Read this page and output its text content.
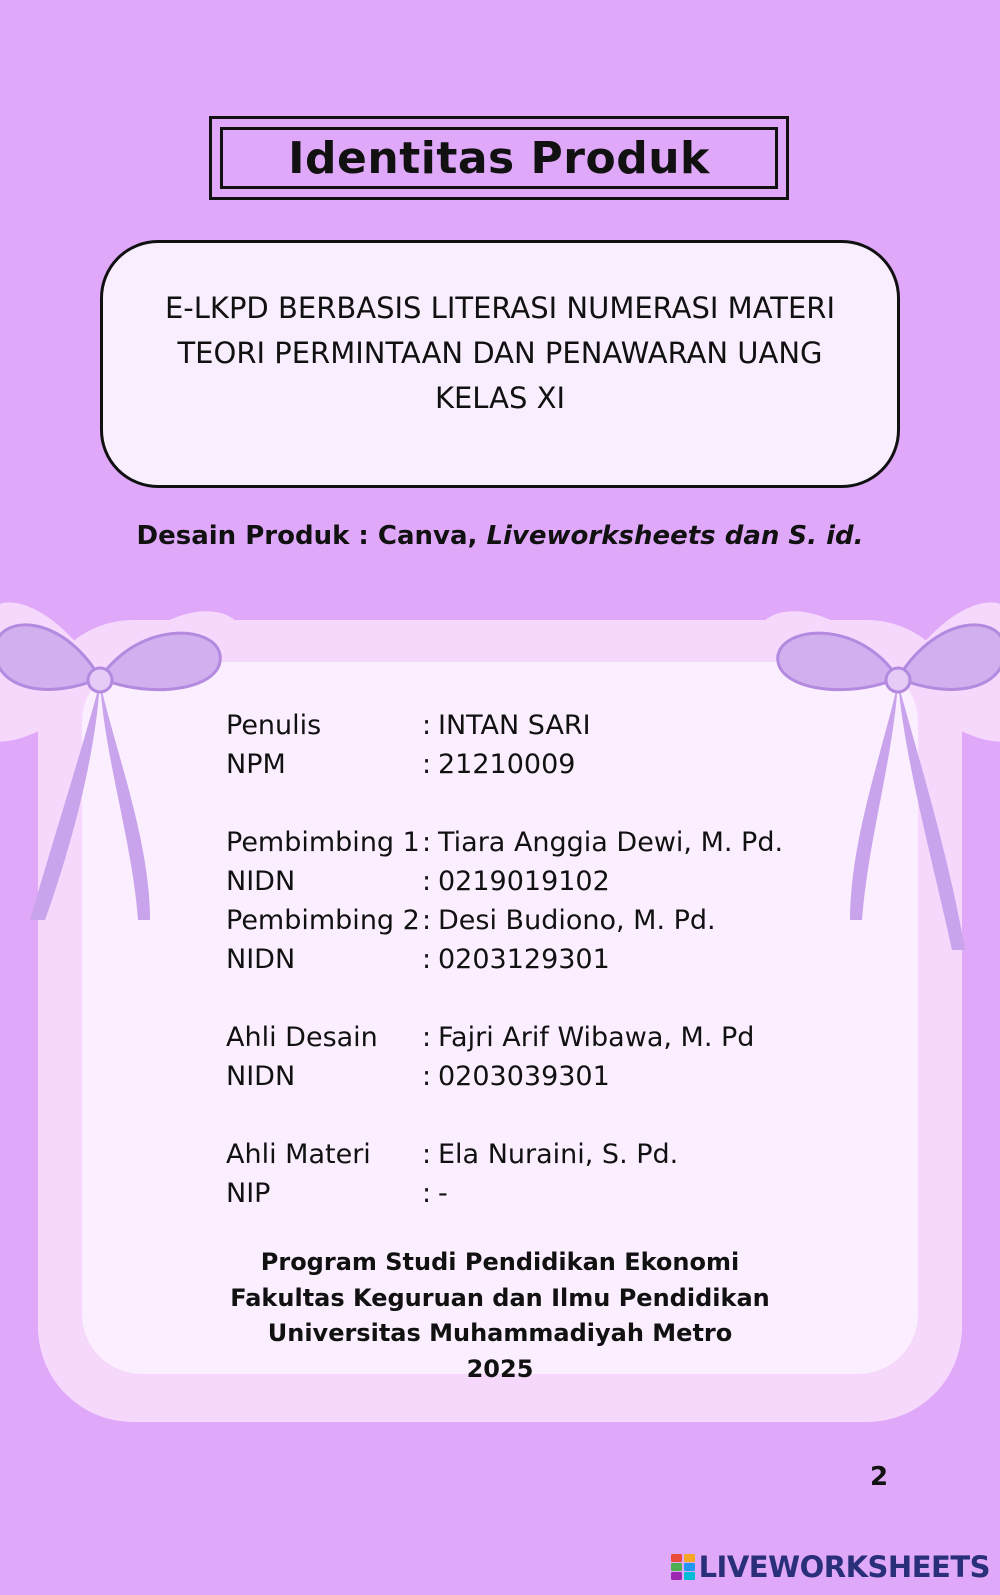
Identitas Produk
E-LKPD BERBASIS LITERASI NUMERASI MATERI
TEORI PERMINTAAN DAN PENAWARAN UANG
KELAS XI
Desain Produk : Canva, Liveworksheets dan S. id.
Penulis	: INTAN SARI
NPM	: 21210009
Pembimbing 1 : Tiara Anggia Dewi, M. Pd.
NIDN	: 0219019102
Pembimbing 2 : Desi Budiono, M. Pd.
NIDN	: 0203129301
Ahli Desain	: Fajri Arif Wibawa, M. Pd
NIDN	: 0203039301
Ahli Materi	: Ela Nuraini, S. Pd.
NIP	: -
Program Studi Pendidikan Ekonomi
Fakultas Keguruan dan Ilmu Pendidikan
Universitas Muhammadiyah Metro
2025
2
LIVEWORKSHEETS
